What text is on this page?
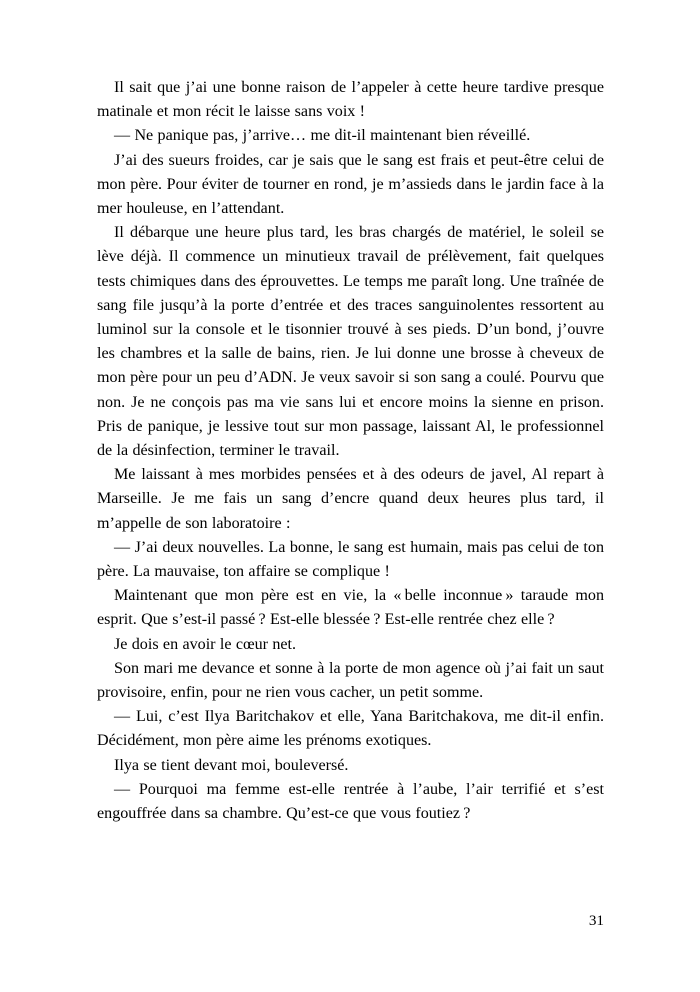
Il sait que j’ai une bonne raison de l’appeler à cette heure tardive presque matinale et mon récit le laisse sans voix !

— Ne panique pas, j’arrive… me dit-il maintenant bien réveillé.

J’ai des sueurs froides, car je sais que le sang est frais et peut-être celui de mon père. Pour éviter de tourner en rond, je m’assieds dans le jardin face à la mer houleuse, en l’attendant.

Il débarque une heure plus tard, les bras chargés de matériel, le soleil se lève déjà. Il commence un minutieux travail de prélèvement, fait quelques tests chimiques dans des éprouvettes. Le temps me paraît long. Une traînée de sang file jusqu’à la porte d’entrée et des traces sanguinolentes ressortent au luminol sur la console et le tisonnier trouvé à ses pieds. D’un bond, j’ouvre les chambres et la salle de bains, rien. Je lui donne une brosse à cheveux de mon père pour un peu d’ADN. Je veux savoir si son sang a coulé. Pourvu que non. Je ne conçois pas ma vie sans lui et encore moins la sienne en prison. Pris de panique, je lessive tout sur mon passage, laissant Al, le professionnel de la désinfection, terminer le travail.

Me laissant à mes morbides pensées et à des odeurs de javel, Al repart à Marseille. Je me fais un sang d’encre quand deux heures plus tard, il m’appelle de son laboratoire :

— J’ai deux nouvelles. La bonne, le sang est humain, mais pas celui de ton père. La mauvaise, ton affaire se complique !

Maintenant que mon père est en vie, la « belle inconnue » taraude mon esprit. Que s’est-il passé ? Est-elle blessée ? Est-elle rentrée chez elle ?

Je dois en avoir le cœur net.

Son mari me devance et sonne à la porte de mon agence où j’ai fait un saut provisoire, enfin, pour ne rien vous cacher, un petit somme.

— Lui, c’est Ilya Baritchakov et elle, Yana Baritchakova, me dit-il enfin. Décidément, mon père aime les prénoms exotiques.

Ilya se tient devant moi, bouleversé.

— Pourquoi ma femme est-elle rentrée à l’aube, l’air terrifié et s’est engouffrée dans sa chambre. Qu’est-ce que vous foutiez ?

31
